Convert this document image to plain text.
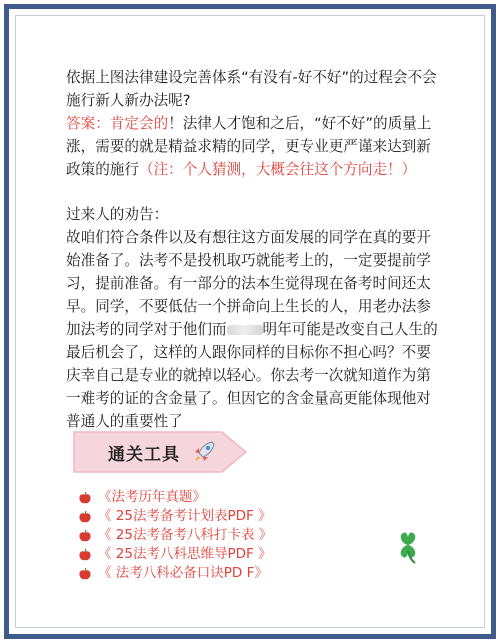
依据上图法律建设完善体系“有没有-好不好”的过程会不会施行新人新办法呢?

答案：肯定会的！法律人才饱和之后，“好不好”的质量上涨，需要的就是精益求精的同学，更专业更严谨来达到新政策的施行（注：个人猜测，大概会往这个方向走！）

过来人的劝告：

故咱们符合条件以及有想往这方面发展的同学在真的要开始准备了。法考不是投机取巧就能考上的，一定要提前学习，提前准备。有一部分的法本生觉得现在备考时间还太早。同学，不要低估一个拼命向上生长的人，用老办法参加法考的同学对于他们而 明年可能是改变自己人生的最后机会了，这样的人跟你同样的目标你不担心吗？不要庆幸自己是专业的就掉以轻心。你去考一次就知道作为第一难考的证的含金量了。但因它的含金量高更能体现他对普通人的重要性了

通关工具
《法考历年真题》
《 25法考备考计划表PDF 》
《 25法考备考八科打卡表 》
《 25法考八科思维导PDF 》
《 法考八科必备口诀PD F》
